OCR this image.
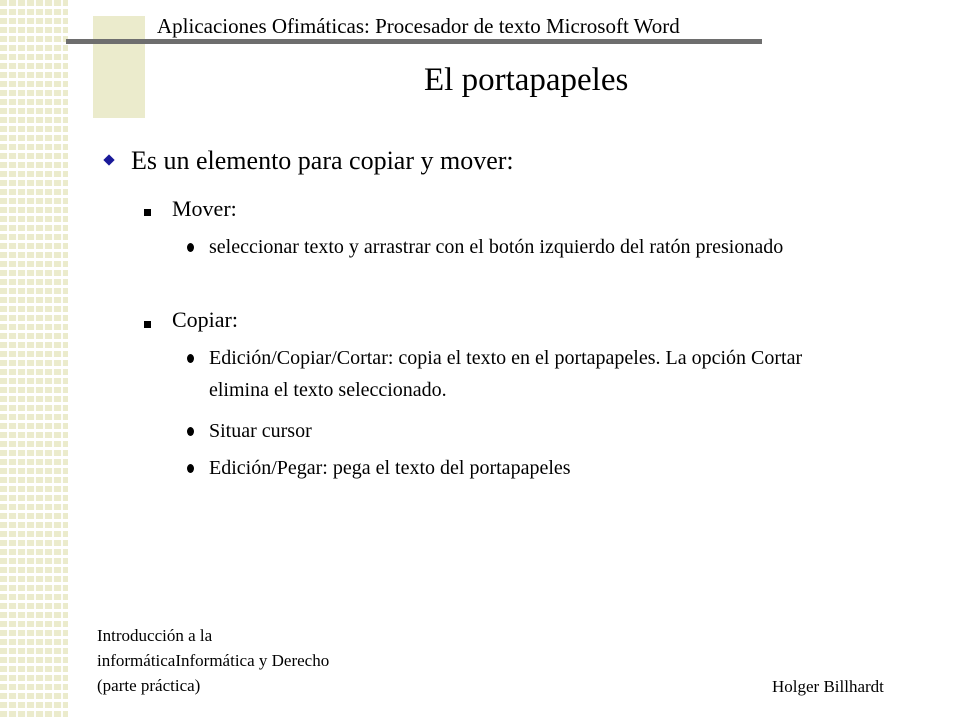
Aplicaciones Ofimáticas: Procesador de texto Microsoft Word
El portapapeles
Es un elemento para copiar y mover:
Mover:
seleccionar texto y arrastrar con el botón izquierdo del ratón presionado
Copiar:
Edición/Copiar/Cortar: copia el texto en el portapapeles. La opción Cortar elimina el texto seleccionado.
Situar cursor
Edición/Pegar: pega el texto del portapapeles
Introducción a la
informáticaInformática y Derecho
(parte práctica)	Holger Billhardt
